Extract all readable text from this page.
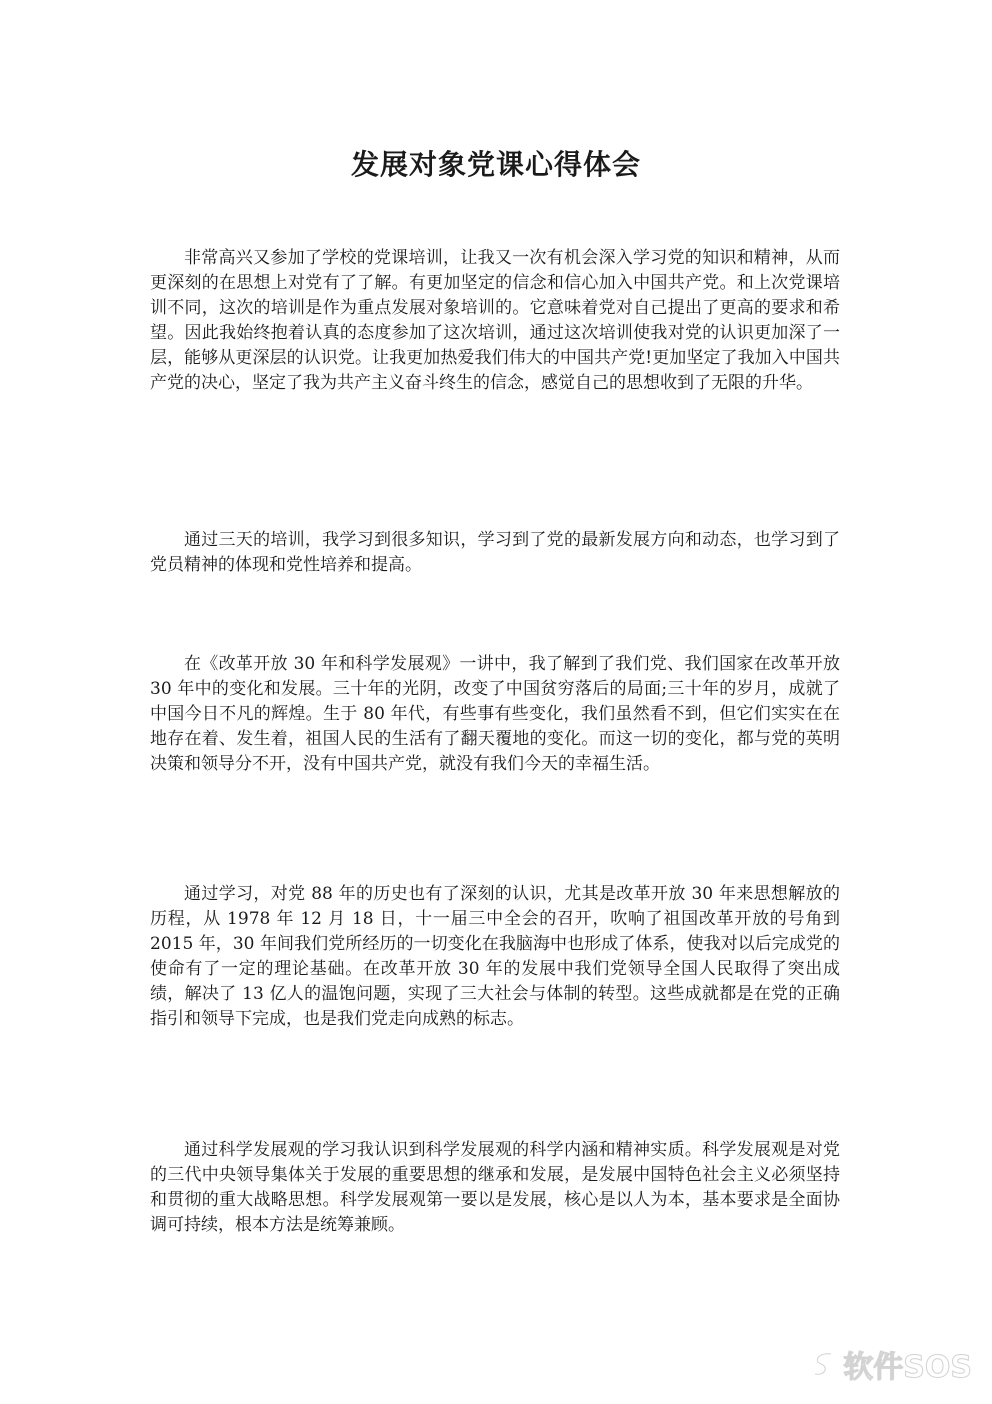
发展对象党课心得体会

非常高兴又参加了学校的党课培训，让我又一次有机会深入学习党的知识和精神，从而更深刻的在思想上对党有了了解。有更加坚定的信念和信心加入中国共产党。和上次党课培训不同，这次的培训是作为重点发展对象培训的。它意味着党对自己提出了更高的要求和希望。因此我始终抱着认真的态度参加了这次培训，通过这次培训使我对党的认识更加深了一层，能够从更深层的认识党。让我更加热爱我们伟大的中国共产党!更加坚定了我加入中国共产党的决心，坚定了我为共产主义奋斗终生的信念，感觉自己的思想收到了无限的升华。

通过三天的培训，我学习到很多知识，学习到了党的最新发展方向和动态，也学习到了党员精神的体现和党性培养和提高。

在《改革开放 30 年和科学发展观》一讲中，我了解到了我们党、我们国家在改革开放 30 年中的变化和发展。三十年的光阴，改变了中国贫穷落后的局面;三十年的岁月，成就了中国今日不凡的辉煌。生于 80 年代，有些事有些变化，我们虽然看不到，但它们实实在在地存在着、发生着，祖国人民的生活有了翻天覆地的变化。而这一切的变化，都与党的英明决策和领导分不开，没有中国共产党，就没有我们今天的幸福生活。

通过学习，对党 88 年的历史也有了深刻的认识，尤其是改革开放 30 年来思想解放的历程，从 1978 年 12 月 18 日，十一届三中全会的召开，吹响了祖国改革开放的号角到 2015 年，30 年间我们党所经历的一切变化在我脑海中也形成了体系，使我对以后完成党的使命有了一定的理论基础。在改革开放 30 年的发展中我们党领导全国人民取得了突出成绩，解决了 13 亿人的温饱问题，实现了三大社会与体制的转型。这些成就都是在党的正确指引和领导下完成，也是我们党走向成熟的标志。

通过科学发展观的学习我认识到科学发展观的科学内涵和精神实质。科学发展观是对党的三代中央领导集体关于发展的重要思想的继承和发展，是发展中国特色社会主义必须坚持和贯彻的重大战略思想。科学发展观第一要以是发展，核心是以人为本，基本要求是全面协调可持续，根本方法是统筹兼顾。

软件SOS
